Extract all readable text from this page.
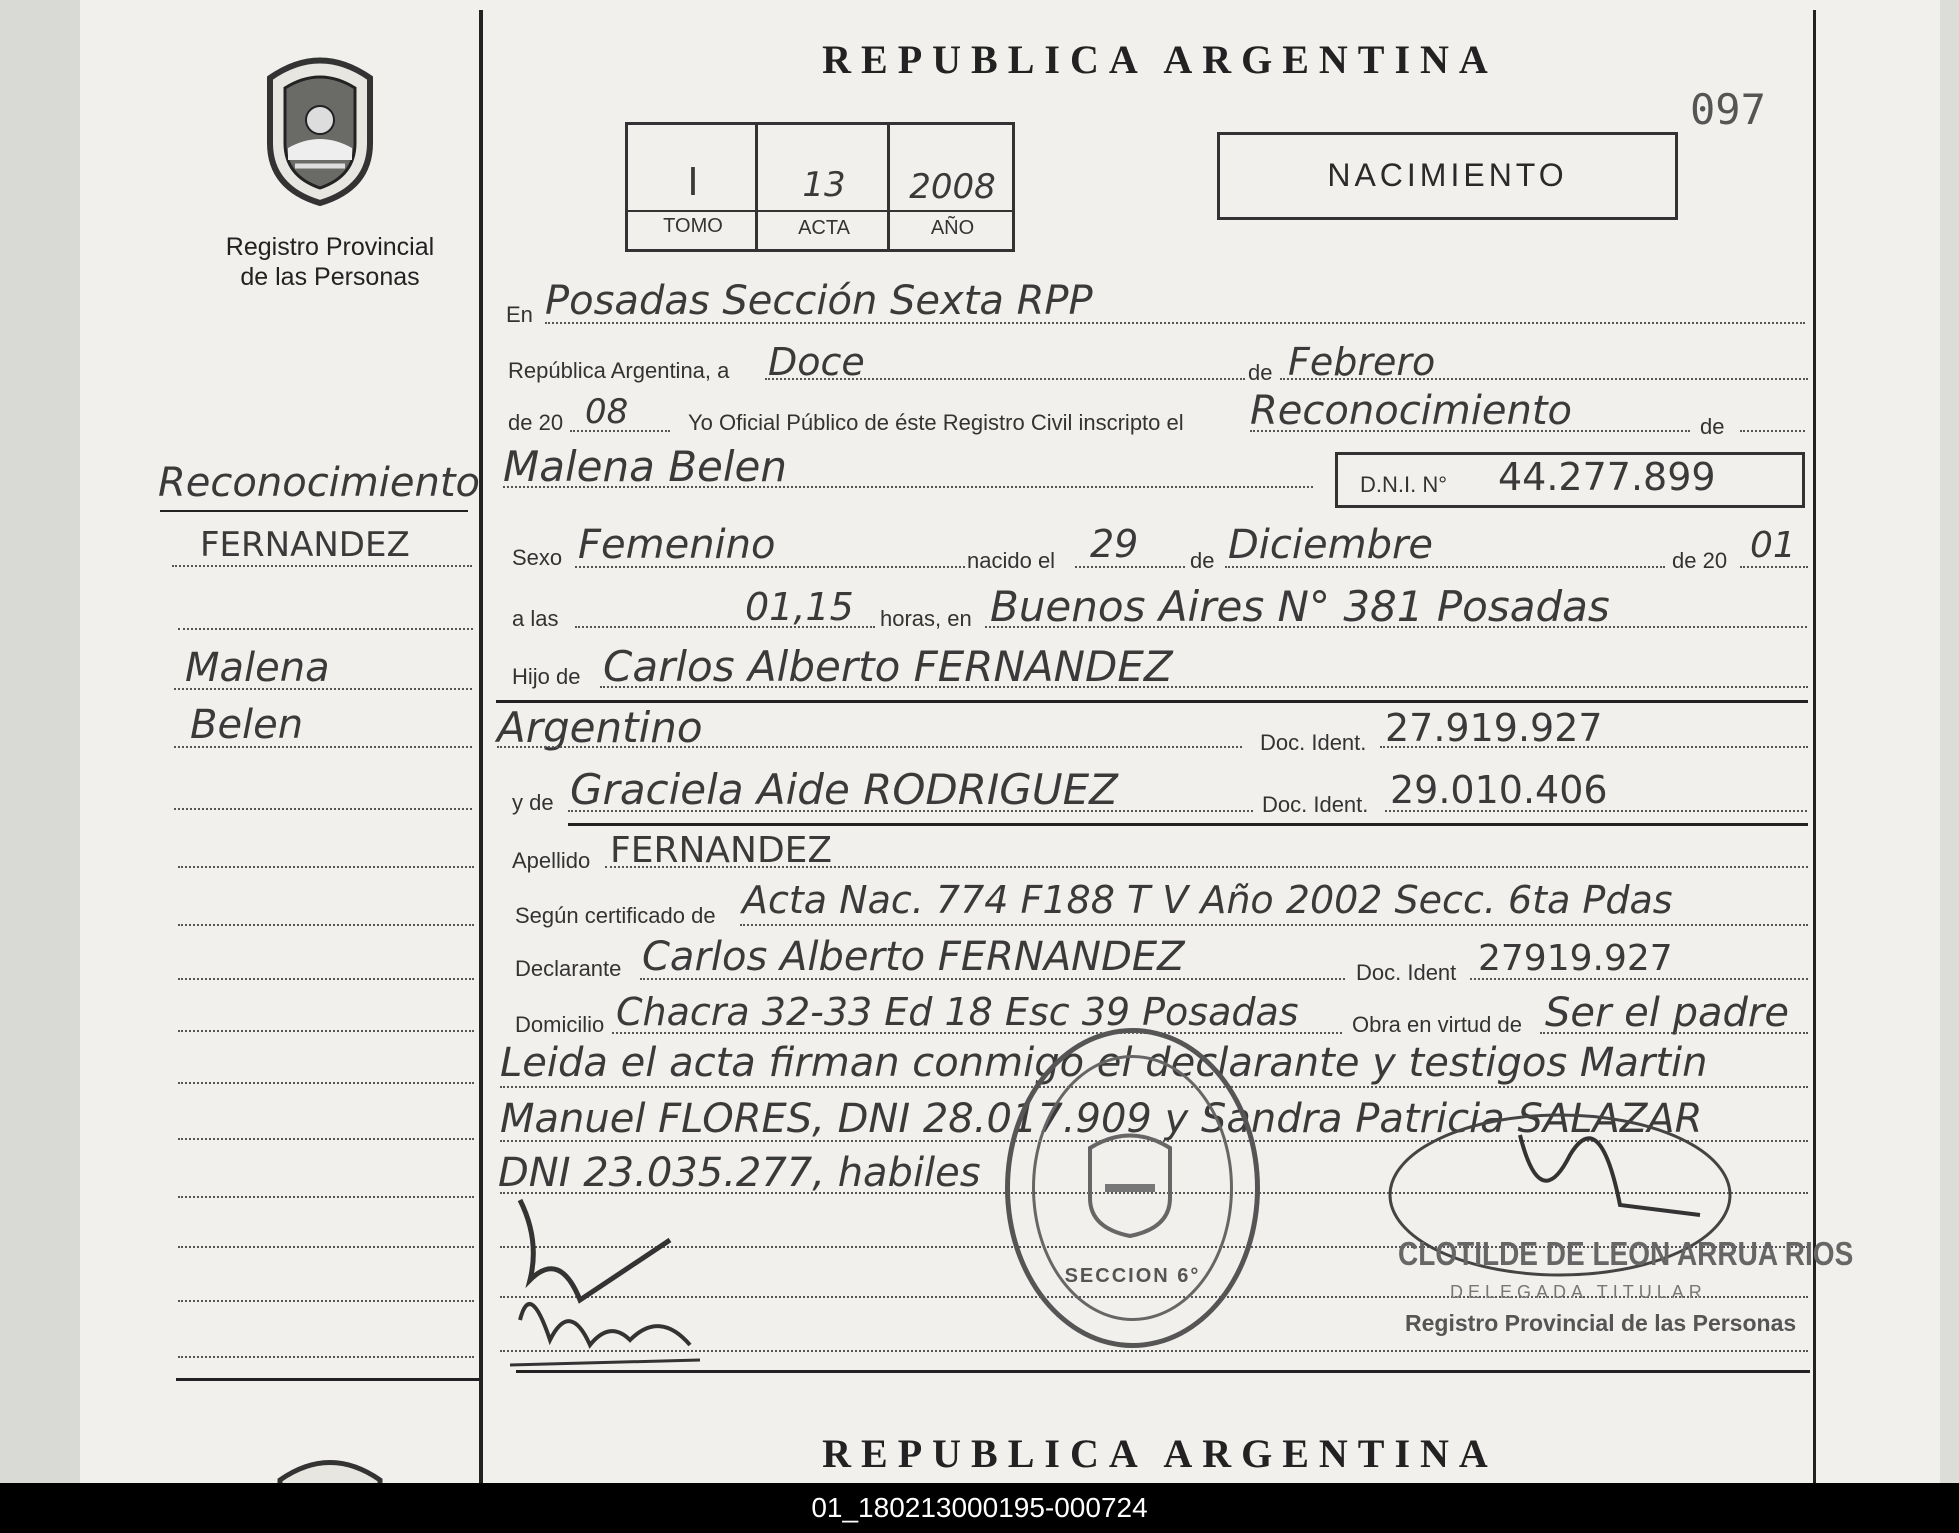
Registro Provincial
de las Personas
REPUBLICA ARGENTINA
097
I	13	2008
TOMO	ACTA	AÑO
NACIMIENTO
Reconocimiento
FERNANDEZ
Malena
Belen
En Posadas Sección Sexta RPP
República Argentina, a Doce	de Febrero
de 20 08	Yo Oficial Público de éste Registro Civil inscripto el Reconocimiento	de
Malena Belen	D.N.I. N° 44.277.899
Sexo Femenino	nacido el 29 de Diciembre	de 20 01
a las	01,15 horas, en Buenos Aires N° 381 Posadas
Hijo de Carlos Alberto FERNANDEZ
Argentino	Doc. Ident. 27.919.927
y de Graciela Aide RODRIGUEZ	Doc. Ident. 29.010.406
Apellido FERNANDEZ
Según certificado de Acta Nac. 774 F188 T V Año 2002 Secc. 6ta Pdas
Declarante Carlos Alberto FERNANDEZ	Doc. Ident 27919.927
Domicilio Chacra 32-33 Ed 18 Esc 39 Posadas Obra en virtud de Ser el padre
Leida el acta firman conmigo el declarante y testigos Martin
Manuel FLORES, DNI 28.017.909 y Sandra Patricia SALAZAR
DNI 23.035.277, habiles
SECCION 6°
CLOTILDE DE LEON ARRUA RIOS
DELEGADA TITULAR
Registro Provincial de las Personas
REPUBLICA ARGENTINA
01_180213000195-000724
